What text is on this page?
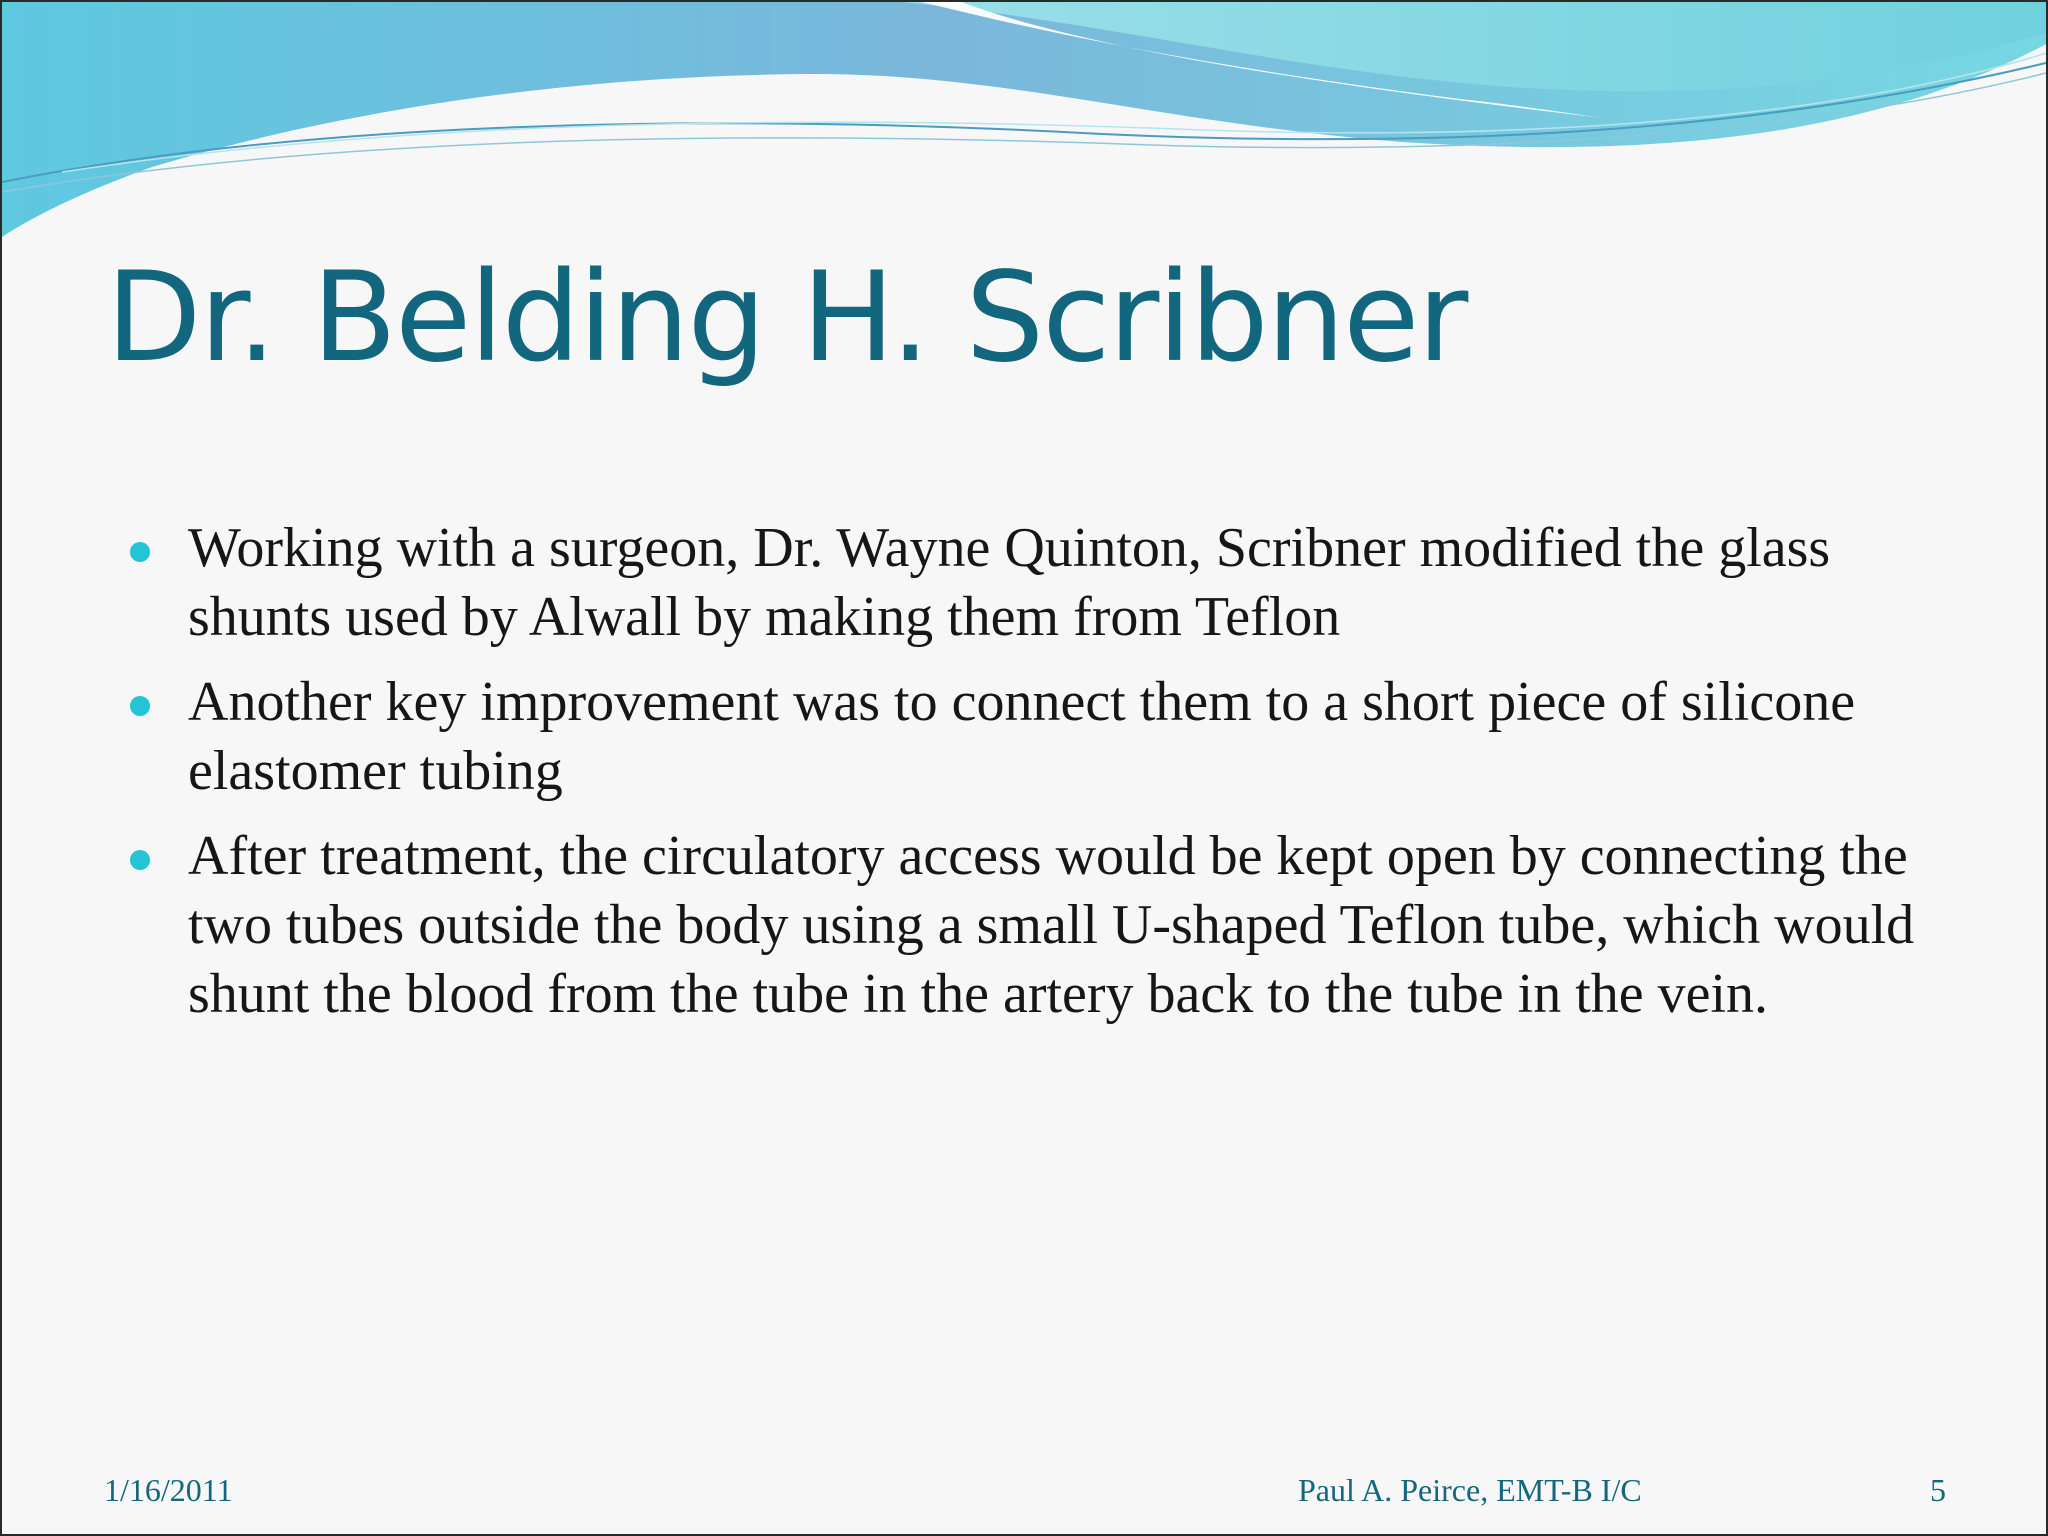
Dr. Belding H. Scribner
Working with a surgeon, Dr. Wayne Quinton, Scribner modified the glass shunts used by Alwall by making them from Teflon
Another key improvement was to connect them to a short piece of silicone elastomer tubing
After treatment, the circulatory access would be kept open by connecting the two tubes outside the body using a small U-shaped Teflon tube, which would shunt the blood from the tube in the artery back to the tube in the vein.
1/16/2011	Paul A. Peirce, EMT-B I/C	5
